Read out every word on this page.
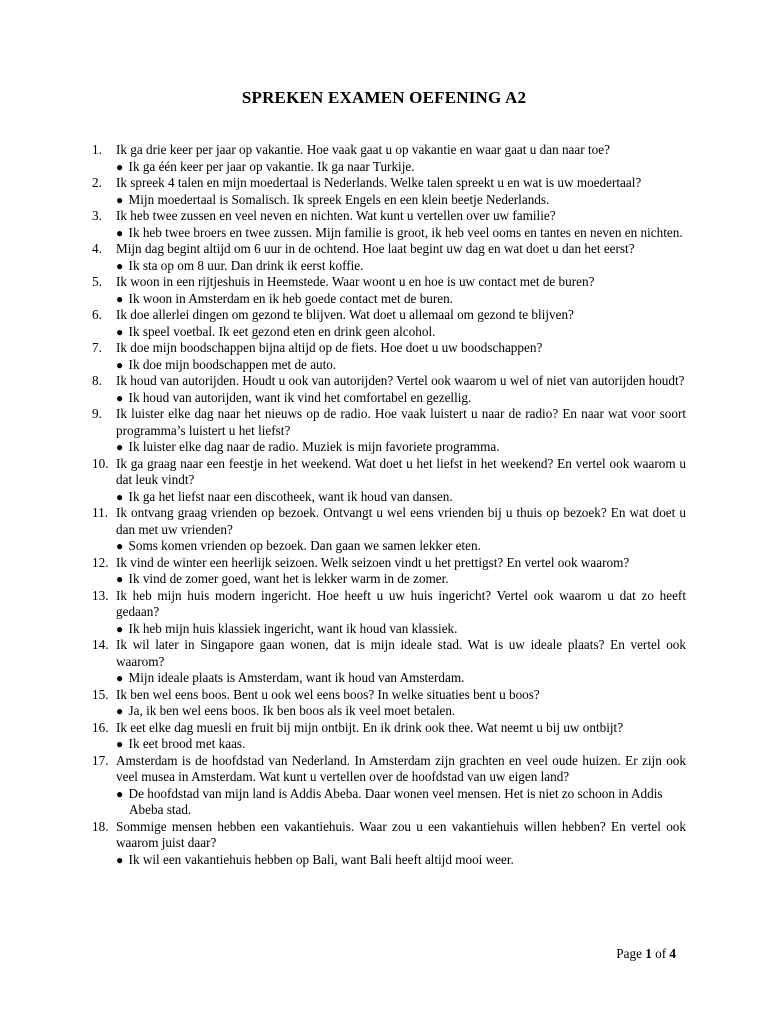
SPREKEN EXAMEN OEFENING A2
1. Ik ga drie keer per jaar op vakantie. Hoe vaak gaat u op vakantie en waar gaat u dan naar toe?
● Ik ga één keer per jaar op vakantie. Ik ga naar Turkije.
2. Ik spreek 4 talen en mijn moedertaal is Nederlands. Welke talen spreekt u en wat is uw moedertaal?
● Mijn moedertaal is Somalisch. Ik spreek Engels en een klein beetje Nederlands.
3. Ik heb twee zussen en veel neven en nichten. Wat kunt u vertellen over uw familie?
● Ik heb twee broers en twee zussen. Mijn familie is groot, ik heb veel ooms en tantes en neven en nichten.
4. Mijn dag begint altijd om 6 uur in de ochtend. Hoe laat begint uw dag en wat doet u dan het eerst?
● Ik sta op om 8 uur. Dan drink ik eerst koffie.
5. Ik woon in een rijtjeshuis in Heemstede. Waar woont u en hoe is uw contact met de buren?
● Ik woon in Amsterdam en ik heb goede contact met de buren.
6. Ik doe allerlei dingen om gezond te blijven. Wat doet u allemaal om gezond te blijven?
● Ik speel voetbal. Ik eet gezond eten en drink geen alcohol.
7. Ik doe mijn boodschappen bijna altijd op de fiets. Hoe doet u uw boodschappen?
● Ik doe mijn boodschappen met de auto.
8. Ik houd van autorijden. Houdt u ook van autorijden? Vertel ook waarom u wel of niet van autorijden houdt?
● Ik houd van autorijden, want ik vind het comfortabel en gezellig.
9. Ik luister elke dag naar het nieuws op de radio. Hoe vaak luistert u naar de radio? En naar wat voor soort programma’s luistert u het liefst?
● Ik luister elke dag naar de radio. Muziek is mijn favoriete programma.
10. Ik ga graag naar een feestje in het weekend. Wat doet u het liefst in het weekend? En vertel ook waarom u dat leuk vindt?
● Ik ga het liefst naar een discotheek, want ik houd van dansen.
11. Ik ontvang graag vrienden op bezoek. Ontvangt u wel eens vrienden bij u thuis op bezoek? En wat doet u dan met uw vrienden?
● Soms komen vrienden op bezoek. Dan gaan we samen lekker eten.
12. Ik vind de winter een heerlijk seizoen. Welk seizoen vindt u het prettigst? En vertel ook waarom?
● Ik vind de zomer goed, want het is lekker warm in de zomer.
13. Ik heb mijn huis modern ingericht. Hoe heeft u uw huis ingericht? Vertel ook waarom u dat zo heeft gedaan?
● Ik heb mijn huis klassiek ingericht, want ik houd van klassiek.
14. Ik wil later in Singapore gaan wonen, dat is mijn ideale stad. Wat is uw ideale plaats? En vertel ook waarom?
● Mijn ideale plaats is Amsterdam, want ik houd van Amsterdam.
15. Ik ben wel eens boos. Bent u ook wel eens boos? In welke situaties bent u boos?
● Ja, ik ben wel eens boos. Ik ben boos als ik veel moet betalen.
16. Ik eet elke dag muesli en fruit bij mijn ontbijt. En ik drink ook thee. Wat neemt u bij uw ontbijt?
● Ik eet brood met kaas.
17. Amsterdam is de hoofdstad van Nederland. In Amsterdam zijn grachten en veel oude huizen. Er zijn ook veel musea in Amsterdam. Wat kunt u vertellen over de hoofdstad van uw eigen land?
● De hoofdstad van mijn land is Addis Abeba. Daar wonen veel mensen. Het is niet zo schoon in Addis Abeba stad.
18. Sommige mensen hebben een vakantiehuis. Waar zou u een vakantiehuis willen hebben? En vertel ook waarom juist daar?
● Ik wil een vakantiehuis hebben op Bali, want Bali heeft altijd mooi weer.
Page 1 of 4
